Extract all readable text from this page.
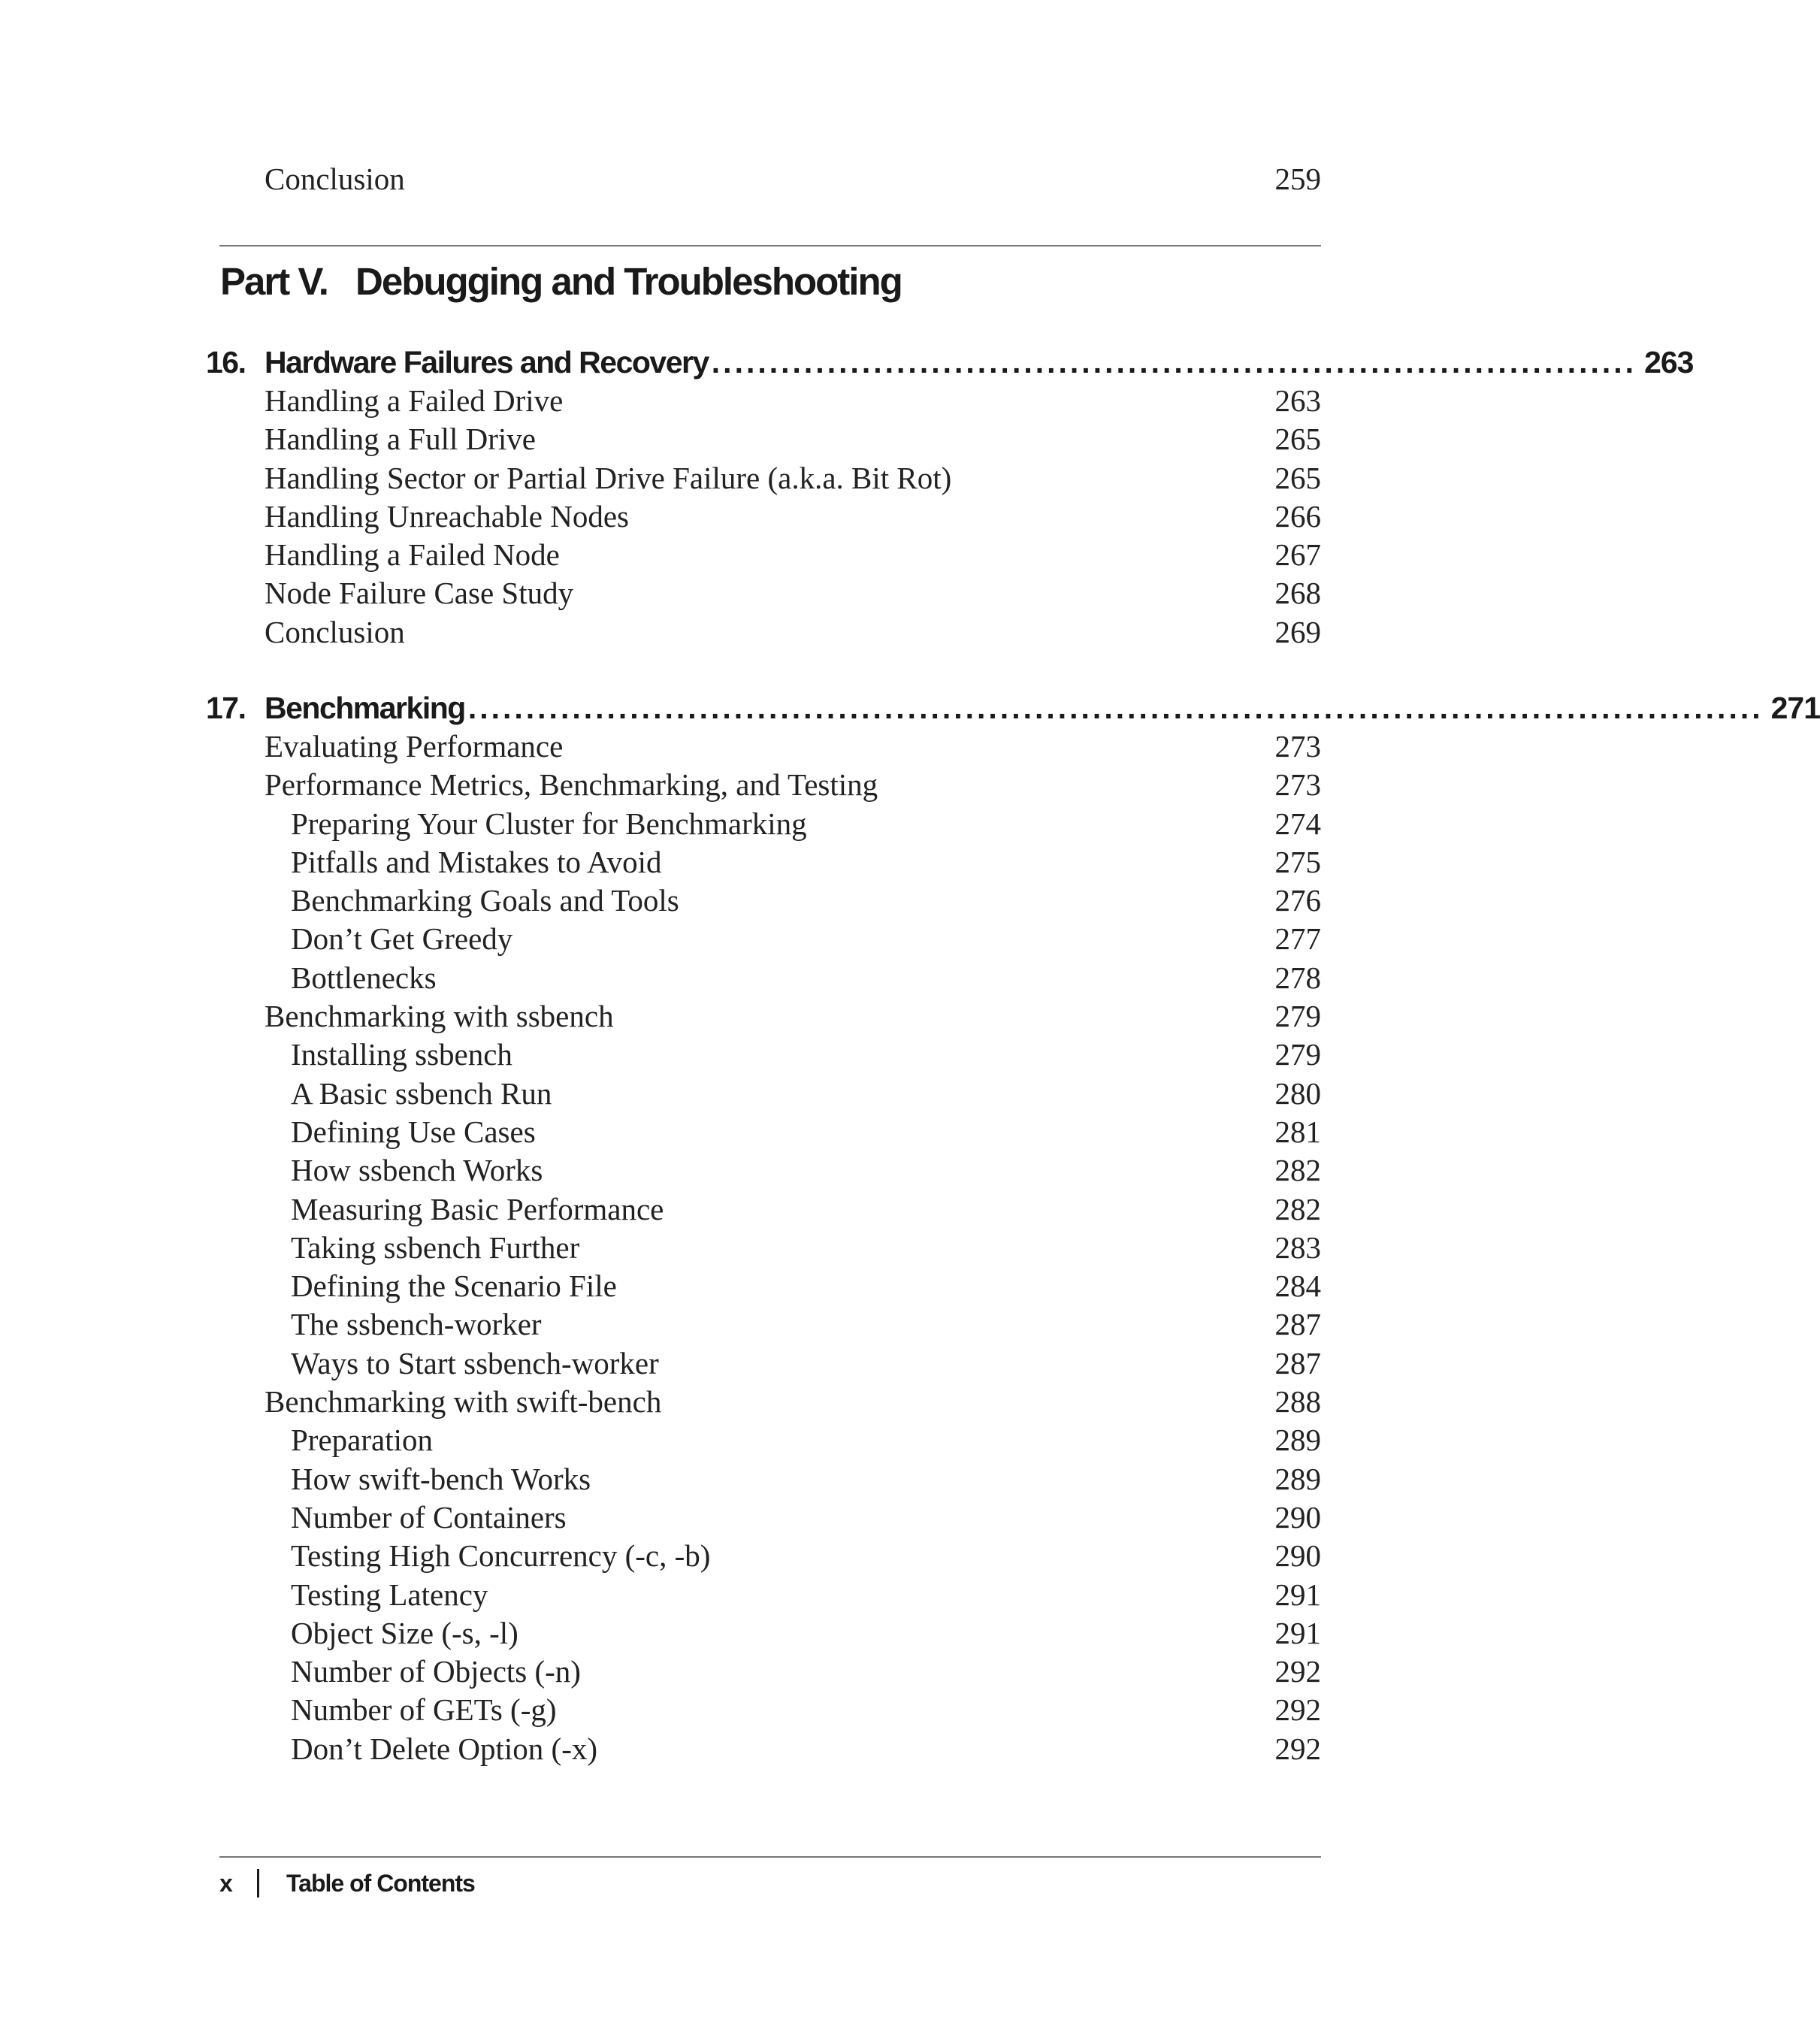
Conclusion	259
Part V. Debugging and Troubleshooting
16. Hardware Failures and Recovery ................................................................................ 263
Handling a Failed Drive	263
Handling a Full Drive	265
Handling Sector or Partial Drive Failure (a.k.a. Bit Rot)	265
Handling Unreachable Nodes	266
Handling a Failed Node	267
Node Failure Case Study	268
Conclusion	269
17. Benchmarking ................................................................................................................ 271
Evaluating Performance	273
Performance Metrics, Benchmarking, and Testing	273
Preparing Your Cluster for Benchmarking	274
Pitfalls and Mistakes to Avoid	275
Benchmarking Goals and Tools	276
Don’t Get Greedy	277
Bottlenecks	278
Benchmarking with ssbench	279
Installing ssbench	279
A Basic ssbench Run	280
Defining Use Cases	281
How ssbench Works	282
Measuring Basic Performance	282
Taking ssbench Further	283
Defining the Scenario File	284
The ssbench-worker	287
Ways to Start ssbench-worker	287
Benchmarking with swift-bench	288
Preparation	289
How swift-bench Works	289
Number of Containers	290
Testing High Concurrency (-c, -b)	290
Testing Latency	291
Object Size (-s, -l)	291
Number of Objects (-n)	292
Number of GETs (-g)	292
Don’t Delete Option (-x)	292
x	Table of Contents
